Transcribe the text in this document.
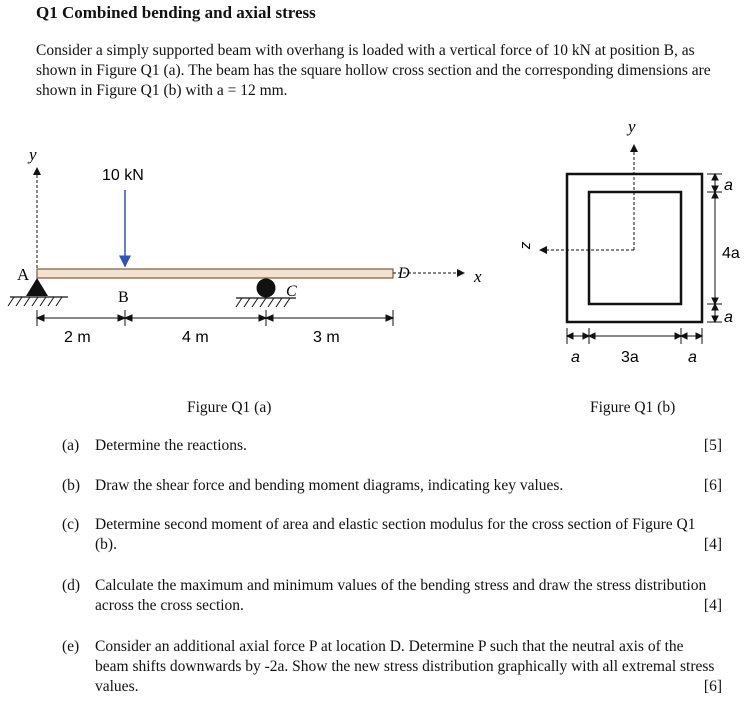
Q1 Combined bending and axial stress
Consider a simply supported beam with overhang is loaded with a vertical force of 10 kN at position B, as shown in Figure Q1 (a). The beam has the square hollow cross section and the corresponding dimensions are shown in Figure Q1 (b) with a = 12 mm.
y
10 kN
x
A
B	C
D
2 m	4 m	3 m
y
z
a
4a
a
a	3a	a
Figure Q1 (a)	Figure Q1 (b)
(a) Determine the reactions.	[5]
(b) Draw the shear force and bending moment diagrams, indicating key values.	[6]
(c) Determine second moment of area and elastic section modulus for the cross section of Figure Q1 (b).	[4]
(d) Calculate the maximum and minimum values of the bending stress and draw the stress distribution across the cross section.	[4]
(e) Consider an additional axial force P at location D. Determine P such that the neutral axis of the beam shifts downwards by -2a. Show the new stress distribution graphically with all extremal stress values.	[6]
